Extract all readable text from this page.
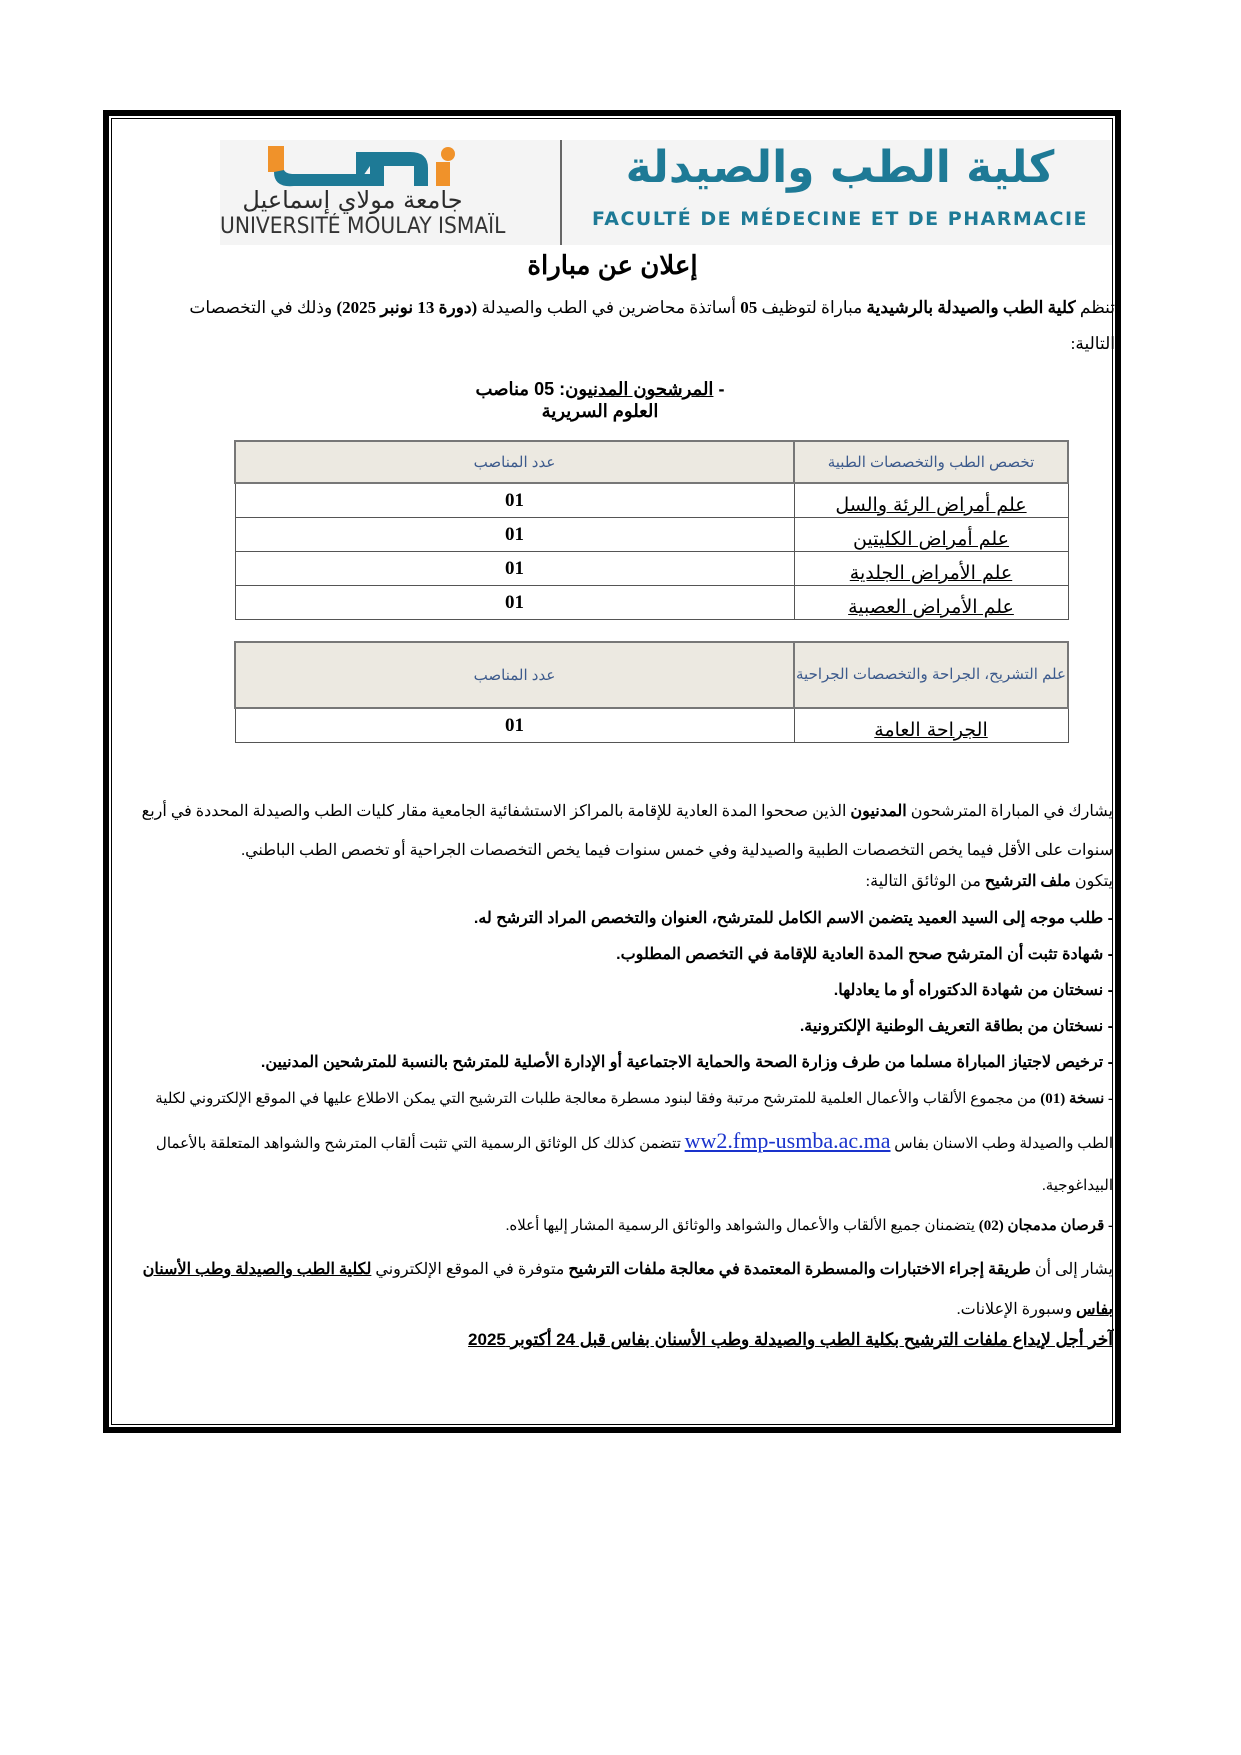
جامعة مولاي إسماعيل
UNIVERSITÉ MOULAY ISMAÏL
كلية الطب والصيدلة
FACULTÉ DE MÉDECINE ET DE PHARMACIE
إعلان عن مباراة
تنظم كلية الطب والصيدلة بالرشيدية مباراة لتوظيف 05 أساتذة محاضرين في الطب والصيدلة (دورة 13 نونبر 2025) وذلك في التخصصات التالية:
- المرشحون المدنيون: 05 مناصب
العلوم السريرية
تخصص الطب والتخصصات الطبية	عدد المناصب
علم أمراض الرئة والسل	01
علم أمراض الكليتين	01
علم الأمراض الجلدية	01
علم الأمراض العصبية	01
علم التشريح، الجراحة والتخصصات الجراحية	عدد المناصب
الجراحة العامة	01
يشارك في المباراة المترشحون المدنيون الذين صححوا المدة العادية للإقامة بالمراكز الاستشفائية الجامعية مقار كليات الطب والصيدلة المحددة في أربع سنوات على الأقل فيما يخص التخصصات الطبية والصيدلية وفي خمس سنوات فيما يخص التخصصات الجراحية أو تخصص الطب الباطني.
يتكون ملف الترشيح من الوثائق التالية:
- طلب موجه إلى السيد العميد يتضمن الاسم الكامل للمترشح، العنوان والتخصص المراد الترشح له.
- شهادة تثبت أن المترشح صحح المدة العادية للإقامة في التخصص المطلوب.
- نسختان من شهادة الدكتوراه أو ما يعادلها.
- نسختان من بطاقة التعريف الوطنية الإلكترونية.
- ترخيص لاجتياز المباراة مسلما من طرف وزارة الصحة والحماية الاجتماعية أو الإدارة الأصلية للمترشح بالنسبة للمترشحين المدنيين.
- نسخة (01) من مجموع الألقاب والأعمال العلمية للمترشح مرتبة وفقا لبنود مسطرة معالجة طلبات الترشيح التي يمكن الاطلاع عليها في الموقع الإلكتروني لكلية الطب والصيدلة وطب الاسنان بفاس ww2.fmp-usmba.ac.ma تتضمن كذلك كل الوثائق الرسمية التي تثبت ألقاب المترشح والشواهد المتعلقة بالأعمال البيداغوجية.
- قرصان مدمجان (02) يتضمنان جميع الألقاب والأعمال والشواهد والوثائق الرسمية المشار إليها أعلاه.
يشار إلى أن طريقة إجراء الاختبارات والمسطرة المعتمدة في معالجة ملفات الترشيح متوفرة في الموقع الإلكتروني لكلية الطب والصيدلة وطب الأسنان بفاس وسبورة الإعلانات.
آخر أجل لإيداع ملفات الترشيح بكلية الطب والصيدلة وطب الأسنان بفاس قبل 24 أكتوبر 2025
